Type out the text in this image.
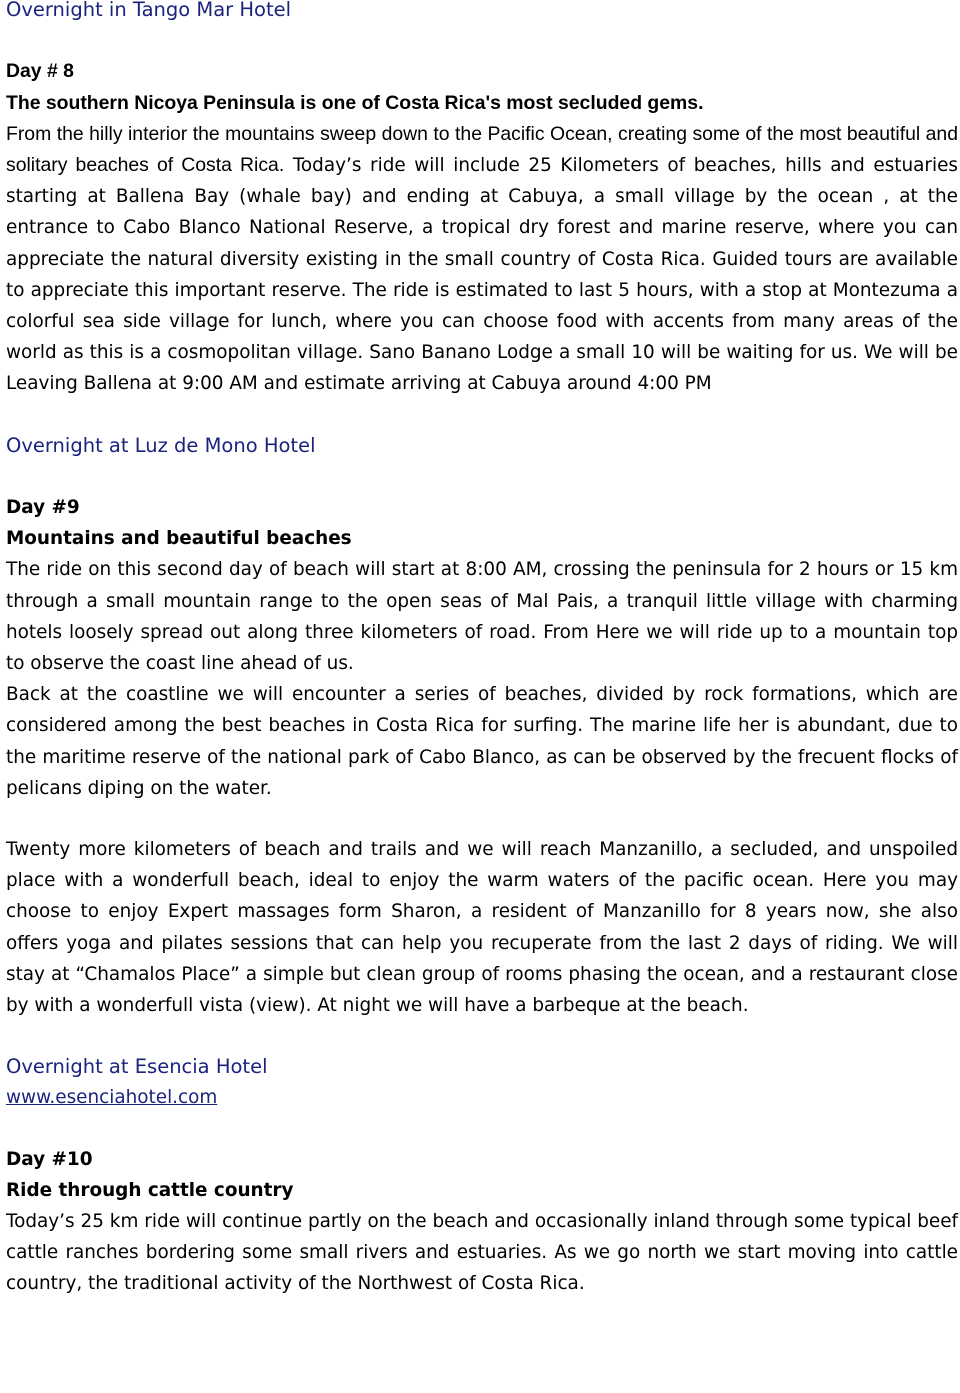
Overnight in Tango Mar Hotel
Day # 8
The southern Nicoya Peninsula is one of Costa Rica's most secluded gems.
From the hilly interior the mountains sweep down to the Pacific Ocean, creating some of the most beautiful and solitary beaches of Costa Rica. Today’s ride will include 25 Kilometers of beaches, hills and estuaries starting at Ballena Bay (whale bay) and ending at Cabuya, a small village by the ocean , at the entrance to Cabo Blanco National Reserve, a tropical dry forest and marine reserve, where you can appreciate the natural diversity existing in the small country of Costa Rica. Guided tours are available to appreciate this important reserve. The ride is estimated to last 5 hours, with a stop at Montezuma a colorful sea side village for lunch, where you can choose food with accents from many areas of the world as this is a cosmopolitan village. Sano Banano Lodge a small 10 will be waiting for us. We will be Leaving Ballena at 9:00 AM and estimate arriving at Cabuya around 4:00 PM
Overnight at Luz de Mono Hotel
Day #9
Mountains and beautiful beaches
The ride on this second day of beach will start at 8:00 AM, crossing the peninsula for 2 hours or 15 km through a small mountain range to the open seas of Mal Pais, a tranquil little village with charming hotels loosely spread out along three kilometers of road. From Here we will ride up to a mountain top to observe the coast line ahead of us.
Back at the coastline we will encounter a series of beaches, divided by rock formations, which are considered among the best beaches in Costa Rica for surfing. The marine life her is abundant, due to the maritime reserve of the national park of Cabo Blanco, as can be observed by the frecuent flocks of pelicans diping on the water.
Twenty more kilometers of beach and trails and we will reach Manzanillo, a secluded, and unspoiled place with a wonderfull beach, ideal to enjoy the warm waters of the pacific ocean. Here you may choose to enjoy Expert massages form Sharon, a resident of Manzanillo for 8 years now, she also offers yoga and pilates sessions that can help you recuperate from the last 2 days of riding. We will stay at “Chamalos Place” a simple but clean group of rooms phasing the ocean, and a restaurant close by with a wonderfull vista (view). At night we will have a barbeque at the beach.
Overnight at Esencia Hotel
www.esenciahotel.com
Day #10
Ride through cattle country
Today’s 25 km ride will continue partly on the beach and occasionally inland through some typical beef cattle ranches bordering some small rivers and estuaries. As we go north we start moving into cattle country, the traditional activity of the Northwest of Costa Rica.
